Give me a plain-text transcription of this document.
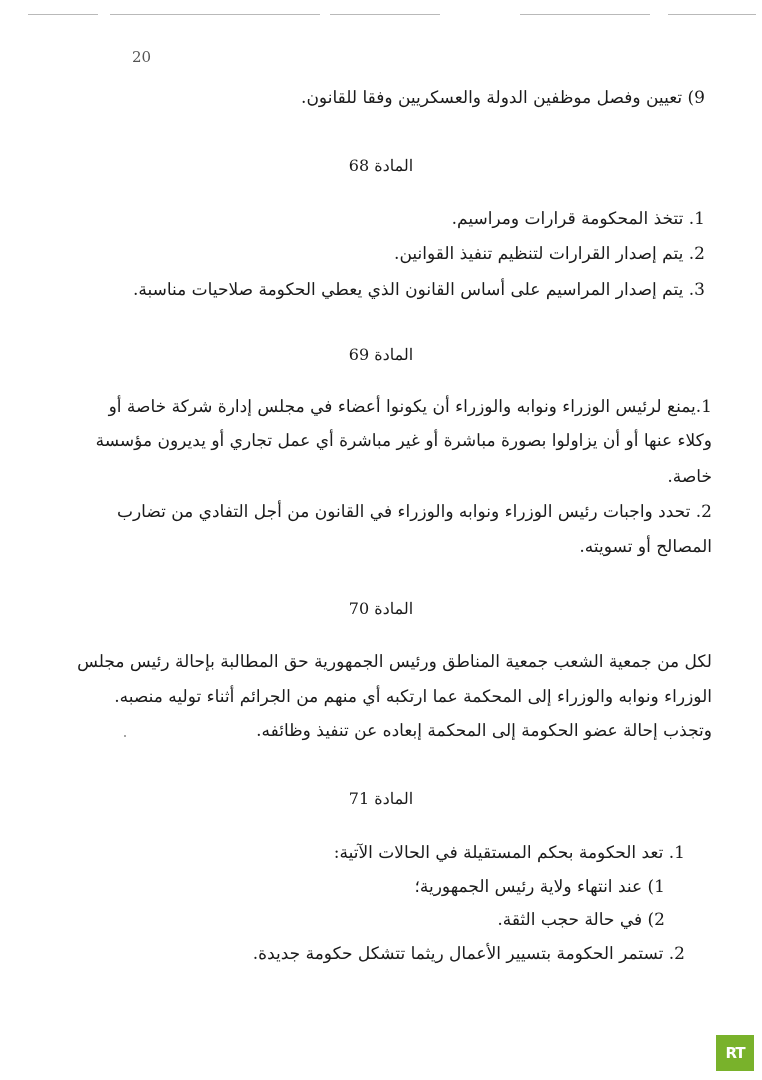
20
9) تعيين وفصل موظفين الدولة والعسكريين وفقا للقانون.
المادة 68
1. تتخذ المحكومة قرارات ومراسيم.
2. يتم إصدار القرارات لتنظيم تنفيذ القوانين.
3. يتم إصدار المراسيم على أساس القانون الذي يعطي الحكومة صلاحيات مناسبة.
المادة 69
1.يمنع لرئيس الوزراء ونوابه والوزراء أن يكونوا أعضاء في مجلس إدارة شركة خاصة أو
وكلاء عنها أو أن يزاولوا بصورة مباشرة أو غير مباشرة أي عمل تجاري أو يديرون مؤسسة
خاصة.
2. تحدد واجبات رئيس الوزراء ونوابه والوزراء في القانون من أجل التفادي من تضارب
المصالح أو تسويته.
المادة 70
لكل من جمعية الشعب جمعية المناطق ورئيس الجمهورية حق المطالبة بإحالة رئيس مجلس
الوزراء ونوابه والوزراء إلى المحكمة عما ارتكبه أي منهم من الجرائم أثناء توليه منصبه.
وتجذب إحالة عضو الحكومة إلى المحكمة إبعاده عن تنفيذ وظائفه.
المادة 71
1. تعد الحكومة بحكم المستقيلة في الحالات الآتية:
1) عند انتهاء ولاية رئيس الجمهورية؛
2) في حالة حجب الثقة.
2. تستمر الحكومة بتسيير الأعمال ريثما تتشكل حكومة جديدة.
RT
